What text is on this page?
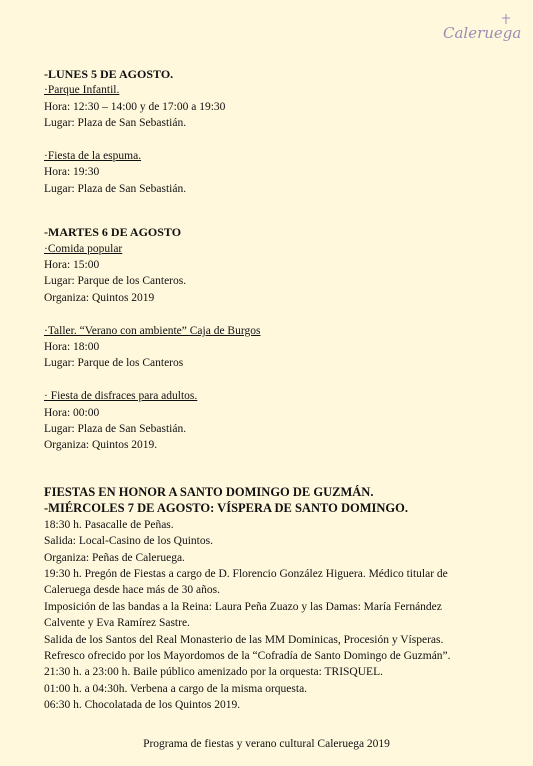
Caleruega

-LUNES 5 DE AGOSTO.

·Parque Infantil.

Hora: 12:30 – 14:00 y de 17:00 a 19:30

Lugar: Plaza de San Sebastián.

·Fiesta de la espuma.

Hora: 19:30

Lugar: Plaza de San Sebastián.

-MARTES 6 DE AGOSTO

·Comida popular

Hora: 15:00

Lugar: Parque de los Canteros.

Organiza: Quintos 2019

·Taller. “Verano con ambiente” Caja de Burgos

Hora: 18:00

Lugar: Parque de los Canteros

· Fiesta de disfraces para adultos.

Hora: 00:00

Lugar: Plaza de San Sebastián.

Organiza: Quintos 2019.

FIESTAS EN HONOR A SANTO DOMINGO DE GUZMÁN.

-MIÉRCOLES 7 DE AGOSTO: VÍSPERA DE SANTO DOMINGO.

18:30 h. Pasacalle de Peñas.

Salida: Local-Casino de los Quintos.

Organiza: Peñas de Caleruega.

19:30 h. Pregón de Fiestas a cargo de D. Florencio González Higuera. Médico titular de

Caleruega desde hace más de 30 años.

Imposición de las bandas a la Reina: Laura Peña Zuazo y las Damas: María Fernández

Calvente y Eva Ramírez Sastre.

Salida de los Santos del Real Monasterio de las MM Dominicas, Procesión y Vísperas.

Refresco ofrecido por los Mayordomos de la “Cofradía de Santo Domingo de Guzmán”.

21:30 h. a 23:00 h. Baile público amenizado por la orquesta: TRISQUEL.

01:00 h. a 04:30h. Verbena a cargo de la misma orquesta.

06:30 h. Chocolatada de los Quintos 2019.

Programa de fiestas y verano cultural Caleruega 2019
